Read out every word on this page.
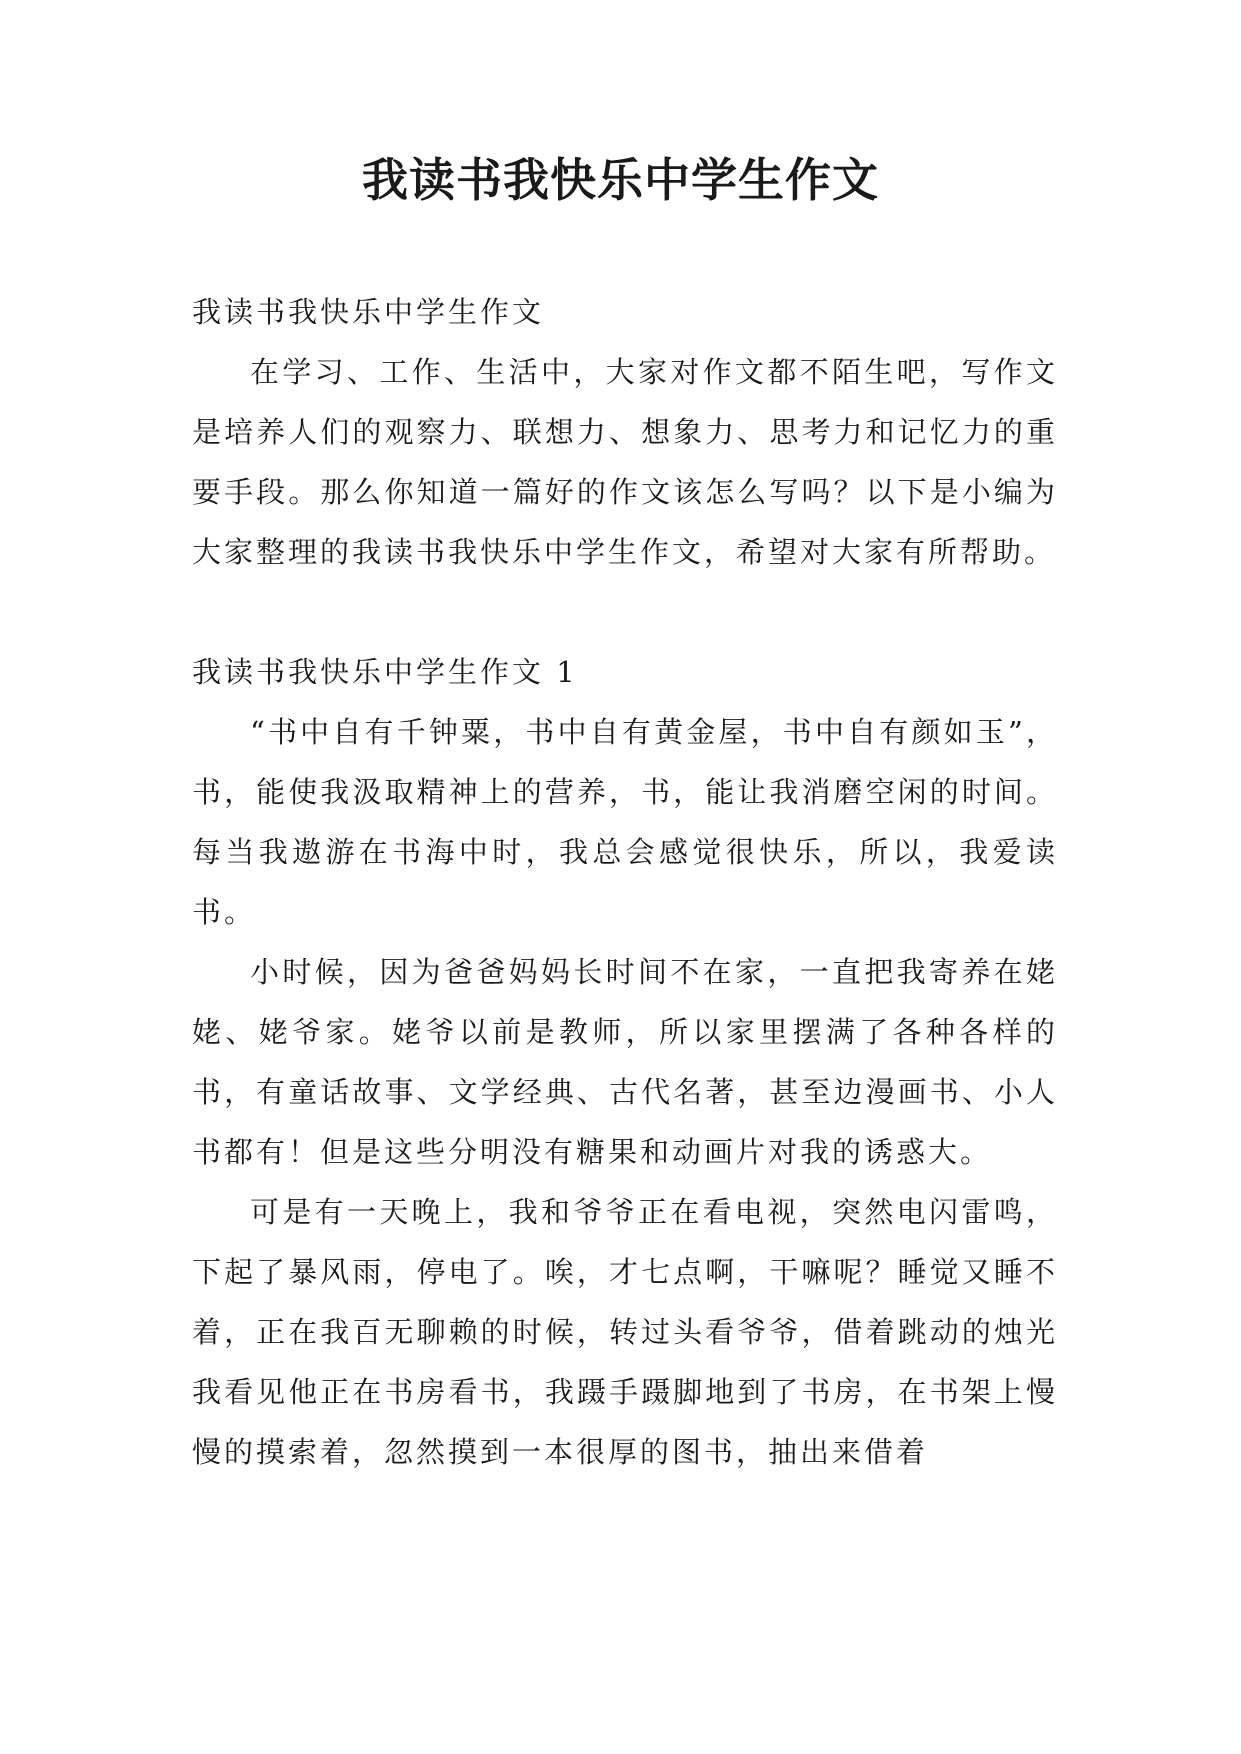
我读书我快乐中学生作文
我读书我快乐中学生作文

在学习、工作、生活中，大家对作文都不陌生吧，写作文是培养人们的观察力、联想力、想象力、思考力和记忆力的重要手段。那么你知道一篇好的作文该怎么写吗？以下是小编为大家整理的我读书我快乐中学生作文，希望对大家有所帮助。

我读书我快乐中学生作文 1

“书中自有千钟粟，书中自有黄金屋，书中自有颜如玉”，书，能使我汲取精神上的营养，书，能让我消磨空闲的时间。每当我遨游在书海中时，我总会感觉很快乐，所以，我爱读书。

小时候，因为爸爸妈妈长时间不在家，一直把我寄养在姥姥、姥爷家。姥爷以前是教师，所以家里摆满了各种各样的书，有童话故事、文学经典、古代名著，甚至边漫画书、小人书都有！但是这些分明没有糖果和动画片对我的诱惑大。

可是有一天晚上，我和爷爷正在看电视，突然电闪雷鸣，下起了暴风雨，停电了。唉，才七点啊，干嘛呢？睡觉又睡不着，正在我百无聊赖的时候，转过头看爷爷，借着跳动的烛光我看见他正在书房看书，我蹑手蹑脚地到了书房，在书架上慢慢的摸索着，忽然摸到一本很厚的图书，抽出来借着
